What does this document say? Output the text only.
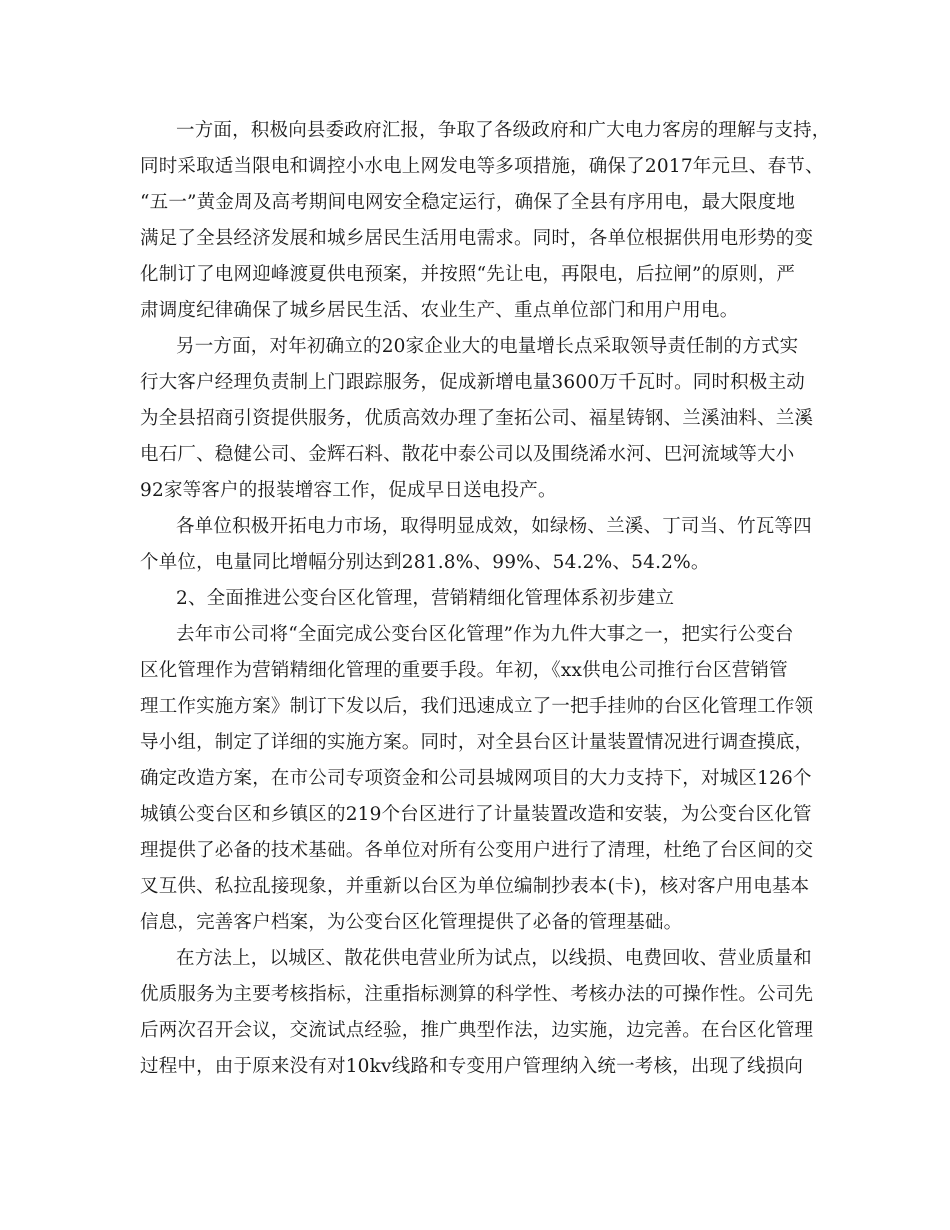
一方面，积极向县委政府汇报，争取了各级政府和广大电力客房的理解与支持，
同时采取适当限电和调控小水电上网发电等多项措施，确保了2017年元旦、春节、
“五一”黄金周及高考期间电网安全稳定运行，确保了全县有序用电，最大限度地
满足了全县经济发展和城乡居民生活用电需求。同时，各单位根据供用电形势的变
化制订了电网迎峰渡夏供电预案，并按照“先让电，再限电，后拉闸”的原则，严
肃调度纪律确保了城乡居民生活、农业生产、重点单位部门和用户用电。
另一方面，对年初确立的20家企业大的电量增长点采取领导责任制的方式实
行大客户经理负责制上门跟踪服务，促成新增电量3600万千瓦时。同时积极主动
为全县招商引资提供服务，优质高效办理了奎拓公司、福星铸钢、兰溪油料、兰溪
电石厂、稳健公司、金辉石料、散花中泰公司以及围绕浠水河、巴河流域等大小
92家等客户的报装增容工作，促成早日送电投产。
各单位积极开拓电力市场，取得明显成效，如绿杨、兰溪、丁司当、竹瓦等四
个单位，电量同比增幅分别达到281.8%、99%、54.2%、54.2%。
2、全面推进公变台区化管理，营销精细化管理体系初步建立
去年市公司将“全面完成公变台区化管理”作为九件大事之一，把实行公变台
区化管理作为营销精细化管理的重要手段。年初，《xx供电公司推行台区营销管
理工作实施方案》制订下发以后，我们迅速成立了一把手挂帅的台区化管理工作领
导小组，制定了详细的实施方案。同时，对全县台区计量装置情况进行调查摸底，
确定改造方案，在市公司专项资金和公司县城网项目的大力支持下，对城区126个
城镇公变台区和乡镇区的219个台区进行了计量装置改造和安装，为公变台区化管
理提供了必备的技术基础。各单位对所有公变用户进行了清理，杜绝了台区间的交
叉互供、私拉乱接现象，并重新以台区为单位编制抄表本(卡)，核对客户用电基本
信息，完善客户档案，为公变台区化管理提供了必备的管理基础。
在方法上，以城区、散花供电营业所为试点，以线损、电费回收、营业质量和
优质服务为主要考核指标，注重指标测算的科学性、考核办法的可操作性。公司先
后两次召开会议，交流试点经验，推广典型作法，边实施，边完善。在台区化管理
过程中，由于原来没有对10kv线路和专变用户管理纳入统一考核，出现了线损向
